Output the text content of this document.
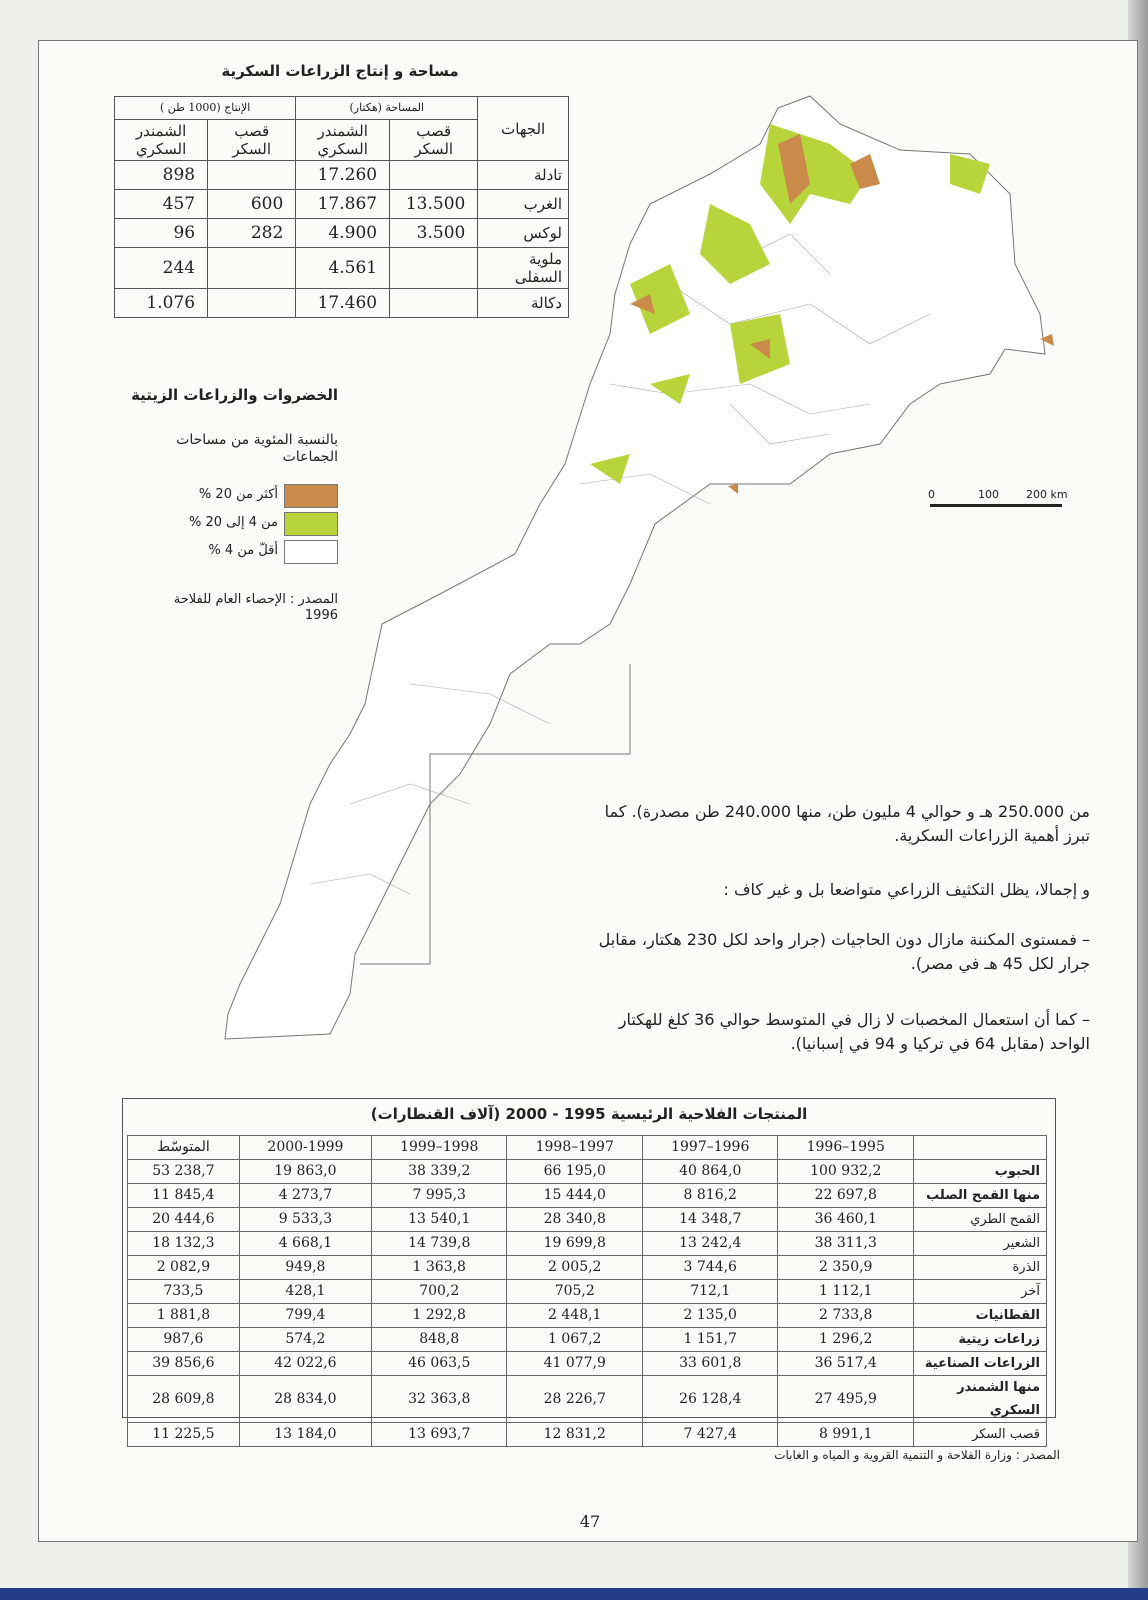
مساحة و إنتاج الزراعات السكرية
الجهات	المساحة (هكتار)		الإنتاج (1000 طن )	
	قصب السكر	الشمندر السكري	قصب السكر	الشمندر السكري
تادلة		17.260		898
الغرب	13.500	17.867	600	457
لوكس	3.500	4.900	282	96
ملوية السفلى		4.561		244
دكالة		17.460		1.076
0	100 200 km
الخضروات والزراعات الزيتية
بالنسبة المئوية من مساحات الجماعات
أكثر من 20 %
من 4 إلى 20 %
أقلّ من 4 %
المصدر : الإحصاء العام للفلاحة 1996
من 250.000 هـ و حوالي 4 مليون طن، منها 240.000 طن مصدرة). كما تبرز أهمية الزراعات السكرية.
و إجمالا، يظل التكثيف الزراعي متواضعا بل و غير كاف :
– فمستوى المكننة مازال دون الحاجيات (جرار واحد لكل 230 هكتار، مقابل جرار لكل 45 هـ في مصر).
– كما أن استعمال المخصبات لا زال في المتوسط حوالي 36 كلغ للهكتار الواحد (مقابل 64 في تركيا و 94 في إسبانيا).
المنتجات الفلاحية الرئيسية 1995 - 2000 (آلاف القنطارات)
المتوسّط	2000-1999	1999–1998	1998–1997	1997–1996	1996–1995	
53 238,7	19 863,0	38 339,2	66 195,0	40 864,0	100 932,2	الحبوب
11 845,4	4 273,7	7 995,3	15 444,0	8 816,2	22 697,8	منها القمح الصلب
20 444,6	9 533,3	13 540,1	28 340,8	14 348,7	36 460,1	القمح الطري
18 132,3	4 668,1	14 739,8	19 699,8	13 242,4	38 311,3	الشعير
2 082,9	949,8	1 363,8	2 005,2	3 744,6	2 350,9	الذرة
733,5	428,1	700,2	705,2	712,1	1 112,1	آخر
1 881,8	799,4	1 292,8	2 448,1	2 135,0	2 733,8	القطانيات
987,6	574,2	848,8	1 067,2	1 151,7	1 296,2	زراعات زيتية
39 856,6	42 022,6	46 063,5	41 077,9	33 601,8	36 517,4	الزراعات الصناعية
28 609,8	28 834,0	32 363,8	28 226,7	26 128,4	27 495,9	منها الشمندر السكري
11 225,5	13 184,0	13 693,7	12 831,2	7 427,4	8 991,1	قصب السكر
المصدر : وزارة الفلاحة و التنمية القروية و المياه و الغابات
47
